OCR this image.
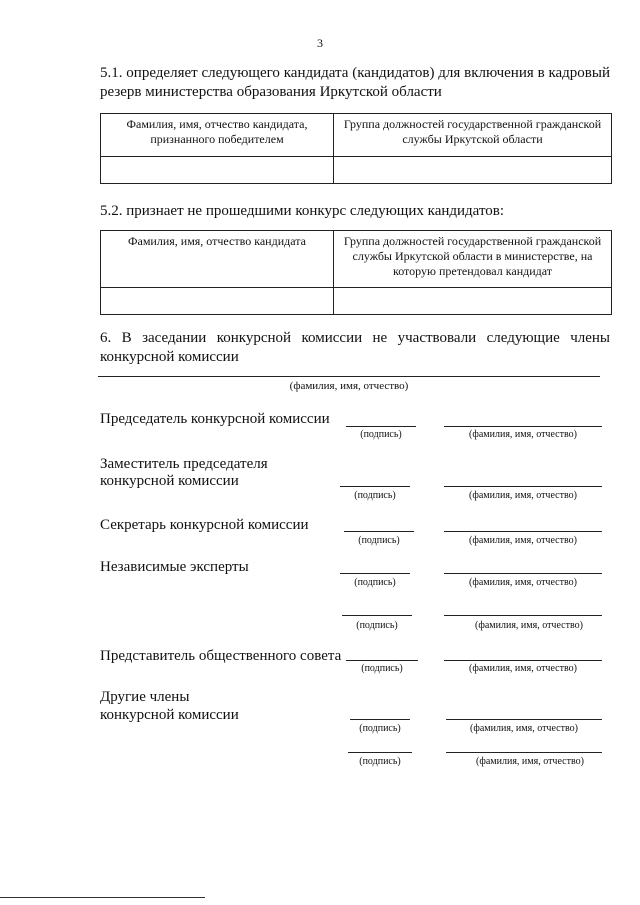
3
5.1. определяет следующего кандидата (кандидатов) для включения в кадровый резерв министерства образования Иркутской области
Фамилия, имя, отчество кандидата, признанного победителем	Группа должностей государственной гражданской службы Иркутской области

5.2. признает не прошедшими конкурс следующих кандидатов:
Фамилия, имя, отчество кандидата	Группа должностей государственной гражданской службы Иркутской области в министерстве, на которую претендовал кандидат

6. В заседании конкурсной комиссии не участвовали следующие члены конкурсной комиссии
(фамилия, имя, отчество)
Председатель конкурсной комиссии
(подпись)	(фамилия, имя, отчество)
Заместитель председателя
конкурсной комиссии
(подпись)	(фамилия, имя, отчество)
Секретарь конкурсной комиссии
(подпись)	(фамилия, имя, отчество)
Независимые эксперты
(подпись)	(фамилия, имя, отчество)
(подпись)	(фамилия, имя, отчество)
Представитель общественного совета
(подпись)	(фамилия, имя, отчество)
Другие члены
конкурсной комиссии
(подпись)	(фамилия, имя, отчество)
(подпись)	(фамилия, имя, отчество)
